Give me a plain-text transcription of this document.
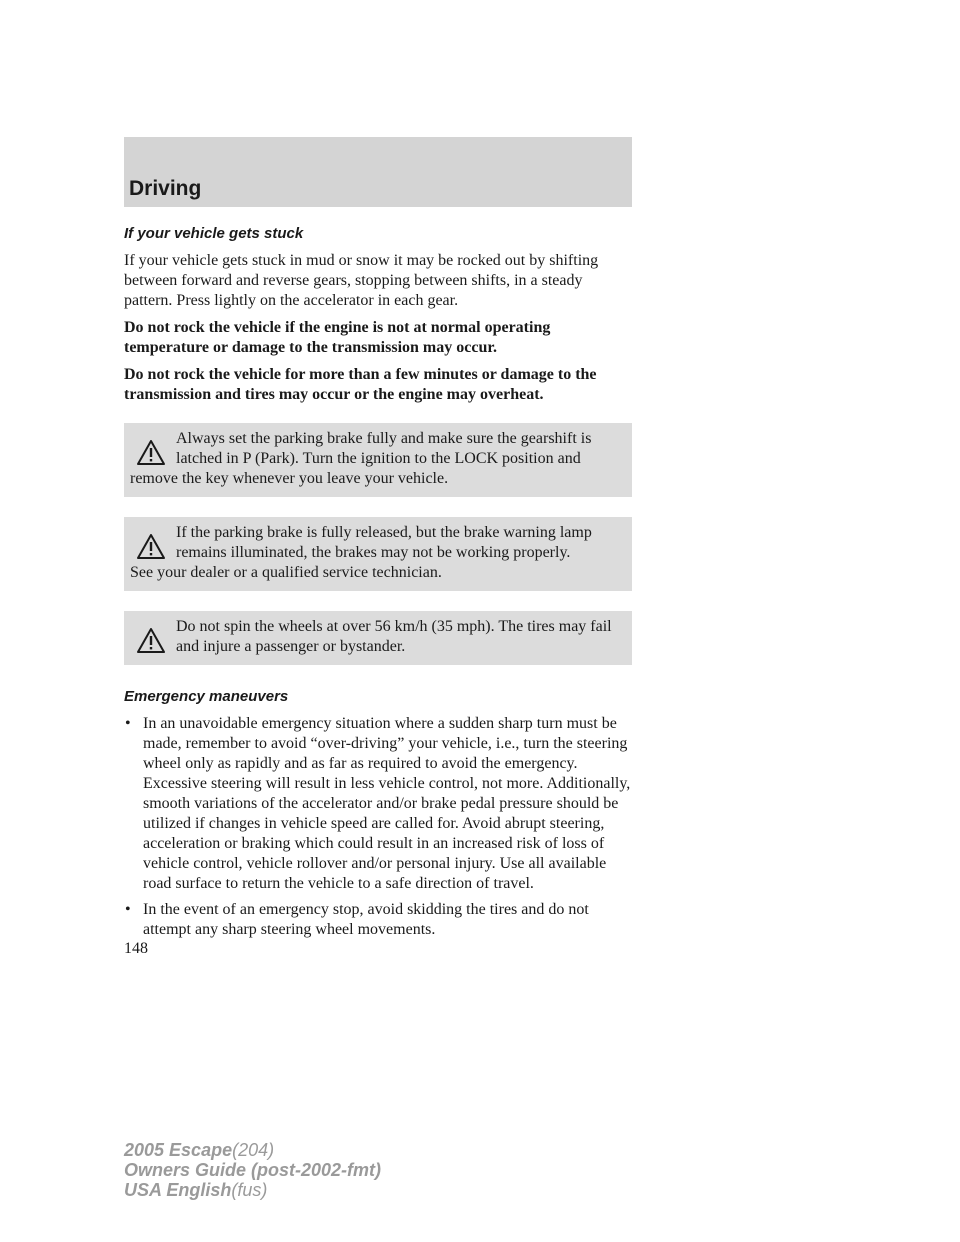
Driving
If your vehicle gets stuck

If your vehicle gets stuck in mud or snow it may be rocked out by shifting between forward and reverse gears, stopping between shifts, in a steady pattern. Press lightly on the accelerator in each gear.

Do not rock the vehicle if the engine is not at normal operating temperature or damage to the transmission may occur.

Do not rock the vehicle for more than a few minutes or damage to the transmission and tires may occur or the engine may overheat.

Always set the parking brake fully and make sure the gearshift is latched in P (Park). Turn the ignition to the LOCK position and
remove the key whenever you leave your vehicle.
If the parking brake is fully released, but the brake warning lamp remains illuminated, the brakes may not be working properly.
See your dealer or a qualified service technician.
Do not spin the wheels at over 56 km/h (35 mph). The tires may fail and injure a passenger or bystander.
Emergency maneuvers
• In an unavoidable emergency situation where a sudden sharp turn must be made, remember to avoid “over-driving” your vehicle, i.e., turn the steering wheel only as rapidly and as far as required to avoid the emergency. Excessive steering will result in less vehicle control, not more. Additionally, smooth variations of the accelerator and/or brake pedal pressure should be utilized if changes in vehicle speed are called for. Avoid abrupt steering, acceleration or braking which could result in an increased risk of loss of vehicle control, vehicle rollover and/or personal injury. Use all available road surface to return the vehicle to a safe direction of travel.
• In the event of an emergency stop, avoid skidding the tires and do not attempt any sharp steering wheel movements.
148
2005 Escape(204)
Owners Guide (post-2002-fmt)
USA English(fus)
